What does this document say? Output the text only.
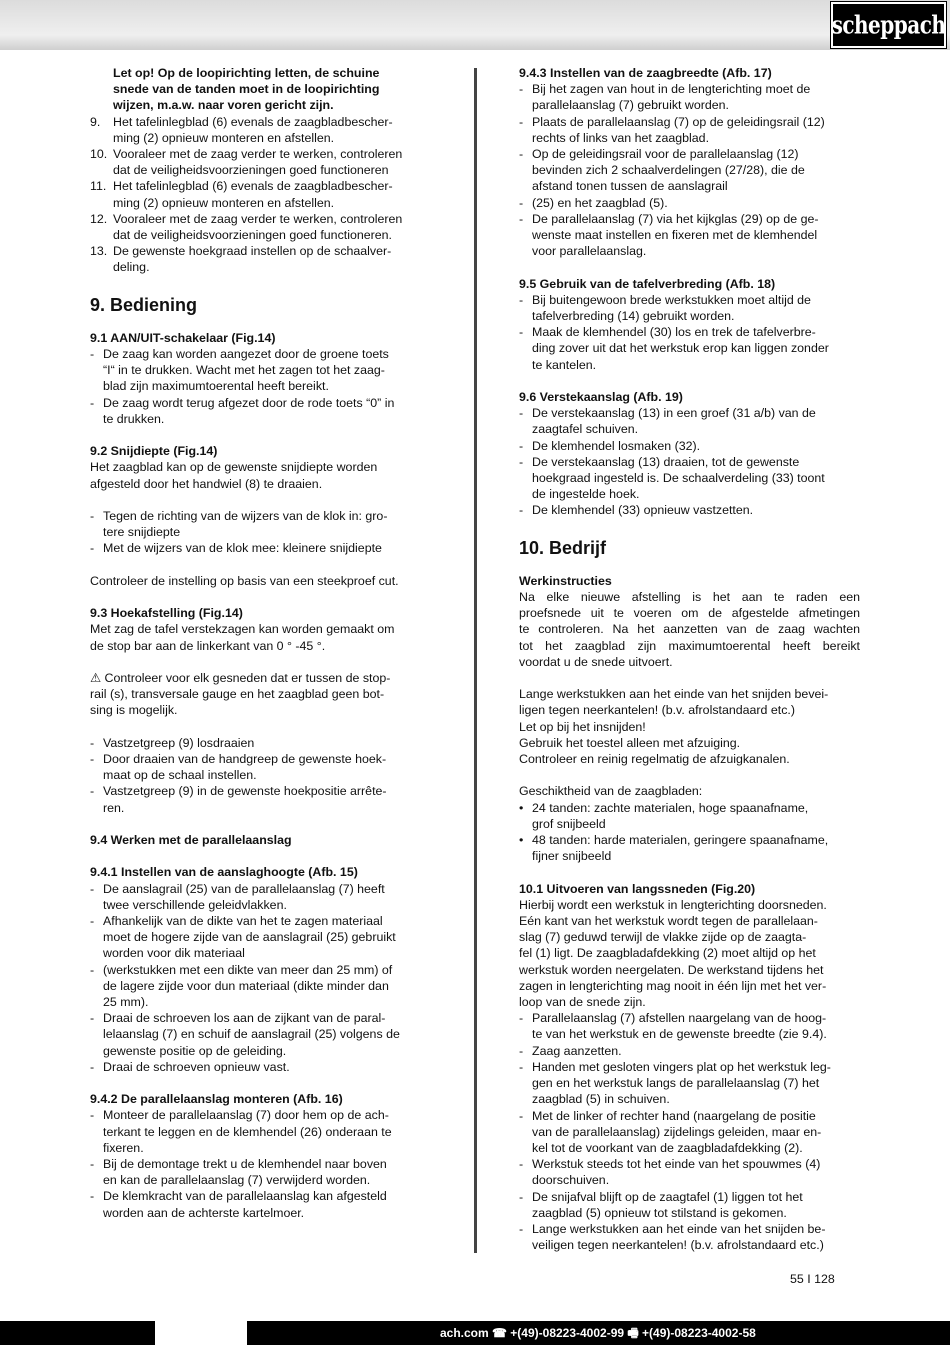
scheppach
Let op! Op de loopirichting letten, de schuine
snede van de tanden moet in de loopirichting
wijzen, m.a.w. naar voren gericht zijn.
9.	Het tafelinlegblad (6) evenals de zaagbladbescher-
ming (2) opnieuw monteren en afstellen.
10. Vooraleer met de zaag verder te werken, controleren
dat de veiligheidsvoorzieningen goed functioneren
11. Het tafelinlegblad (6) evenals de zaagbladbescher-
ming (2) opnieuw monteren en afstellen.
12. Vooraleer met de zaag verder te werken, controleren
dat de veiligheidsvoorzieningen goed functioneren.
13. De gewenste hoekgraad instellen op de schaalver-
deling.
9. Bediening
9.1 AAN/UIT-schakelaar (Fig.14)
- De zaag kan worden aangezet door de groene toets
“I“ in te drukken. Wacht met het zagen tot het zaag-
blad zijn maximumtoerental heeft bereikt.
- De zaag wordt terug afgezet door de rode toets “0” in
te drukken.
9.2 Snijdiepte (Fig.14)
Het zaagblad kan op de gewenste snijdiepte worden
afgesteld door het handwiel (8) te draaien.
- Tegen de richting van de wijzers van de klok in: gro-
tere snijdiepte
- Met de wijzers van de klok mee: kleinere snijdiepte
Controleer de instelling op basis van een steekproef cut.
9.3 Hoekafstelling (Fig.14)
Met zag de tafel verstekzagen kan worden gemaakt om
de stop bar aan de linkerkant van 0 ° -45 °.
⚠ Controleer voor elk gesneden dat er tussen de stop-
rail (s), transversale gauge en het zaagblad geen bot-
sing is mogelijk.
- Vastzetgreep (9) losdraaien
- Door draaien van de handgreep de gewenste hoek-
maat op de schaal instellen.
- Vastzetgreep (9) in de gewenste hoekpositie arrête-
ren.
9.4 Werken met de parallelaanslag
9.4.1 Instellen van de aanslaghoogte (Afb. 15)
- De aanslagrail (25) van de parallelaanslag (7) heeft
twee verschillende geleidvlakken.
- Afhankelijk van de dikte van het te zagen materiaal
moet de hogere zijde van de aanslagrail (25) gebruikt
worden voor dik materiaal
- (werkstukken met een dikte van meer dan 25 mm) of
de lagere zijde voor dun materiaal (dikte minder dan
25 mm).
- Draai de schroeven los aan de zijkant van de paral-
lelaanslag (7) en schuif de aanslagrail (25) volgens de
gewenste positie op de geleiding.
- Draai de schroeven opnieuw vast.
9.4.2 De parallelaanslag monteren (Afb. 16)
- Monteer de parallelaanslag (7) door hem op de ach-
terkant te leggen en de klemhendel (26) onderaan te
fixeren.
- Bij de demontage trekt u de klemhendel naar boven
en kan de parallelaanslag (7) verwijderd worden.
- De klemkracht van de parallelaanslag kan afgesteld
worden aan de achterste kartelmoer.
9.4.3 Instellen van de zaagbreedte (Afb. 17)
- Bij het zagen van hout in de lengterichting moet de
parallelaanslag (7) gebruikt worden.
- Plaats de parallelaanslag (7) op de geleidingsrail (12)
rechts of links van het zaagblad.
- Op de geleidingsrail voor de parallelaanslag (12)
bevinden zich 2 schaalverdelingen (27/28), die de
afstand tonen tussen de aanslagrail
- (25) en het zaagblad (5).
- De parallelaanslag (7) via het kijkglas (29) op de ge-
wenste maat instellen en fixeren met de klemhendel
voor parallelaanslag.
9.5 Gebruik van de tafelverbreding (Afb. 18)
- Bij buitengewoon brede werkstukken moet altijd de
tafelverbreding (14) gebruikt worden.
- Maak de klemhendel (30) los en trek de tafelverbre-
ding zover uit dat het werkstuk erop kan liggen zonder
te kantelen.
9.6 Verstekaanslag (Afb. 19)
- De verstekaanslag (13) in een groef (31 a/b) van de
zaagtafel schuiven.
- De klemhendel losmaken (32).
- De verstekaanslag (13) draaien, tot de gewenste
hoekgraad ingesteld is. De schaalverdeling (33) toont
de ingestelde hoek.
- De klemhendel (33) opnieuw vastzetten.
10. Bedrijf
Werkinstructies
Na elke nieuwe afstelling is het aan te raden een
proefsnede uit te voeren om de afgestelde afmetingen
te controleren. Na het aanzetten van de zaag wachten
tot het zaagblad zijn maximumtoerental heeft bereikt
voordat u de snede uitvoert.
Lange werkstukken aan het einde van het snijden bevei-
ligen tegen neerkantelen! (b.v. afrolstandaard etc.)
Let op bij het insnijden!
Gebruik het toestel alleen met afzuiging.
Controleer en reinig regelmatig de afzuigkanalen.
Geschiktheid van de zaagbladen:
• 24 tanden: zachte materialen, hoge spaanafname,
grof snijbeeld
• 48 tanden: harde materialen, geringere spaanafname,
fijner snijbeeld
10.1 Uitvoeren van langssneden (Fig.20)
Hierbij wordt een werkstuk in lengterichting doorsneden.
Eén kant van het werkstuk wordt tegen de parallelaan-
slag (7) geduwd terwijl de vlakke zijde op de zaagta-
fel (1) ligt. De zaagbladafdekking (2) moet altijd op het
werkstuk worden neergelaten. De werkstand tijdens het
zagen in lengterichting mag nooit in één lijn met het ver-
loop van de snede zijn.
- Parallelaanslag (7) afstellen naargelang van de hoog-
te van het werkstuk en de gewenste breedte (zie 9.4).
- Zaag aanzetten.
- Handen met gesloten vingers plat op het werkstuk leg-
gen en het werkstuk langs de parallelaanslag (7) het
zaagblad (5) in schuiven.
- Met de linker of rechter hand (naargelang de positie
van de parallelaanslag) zijdelings geleiden, maar en-
kel tot de voorkant van de zaagbladafdekking (2).
- Werkstuk steeds tot het einde van het spouwmes (4)
doorschuiven.
- De snijafval blijft op de zaagtafel (1) liggen tot het
zaagblad (5) opnieuw tot stilstand is gekomen.
- Lange werkstukken aan het einde van het snijden be-
veiligen tegen neerkantelen! (b.v. afrolstandaard etc.)
55 I 128
ach.com ☎ +(49)-08223-4002-99 🖷 +(49)-08223-4002-58
